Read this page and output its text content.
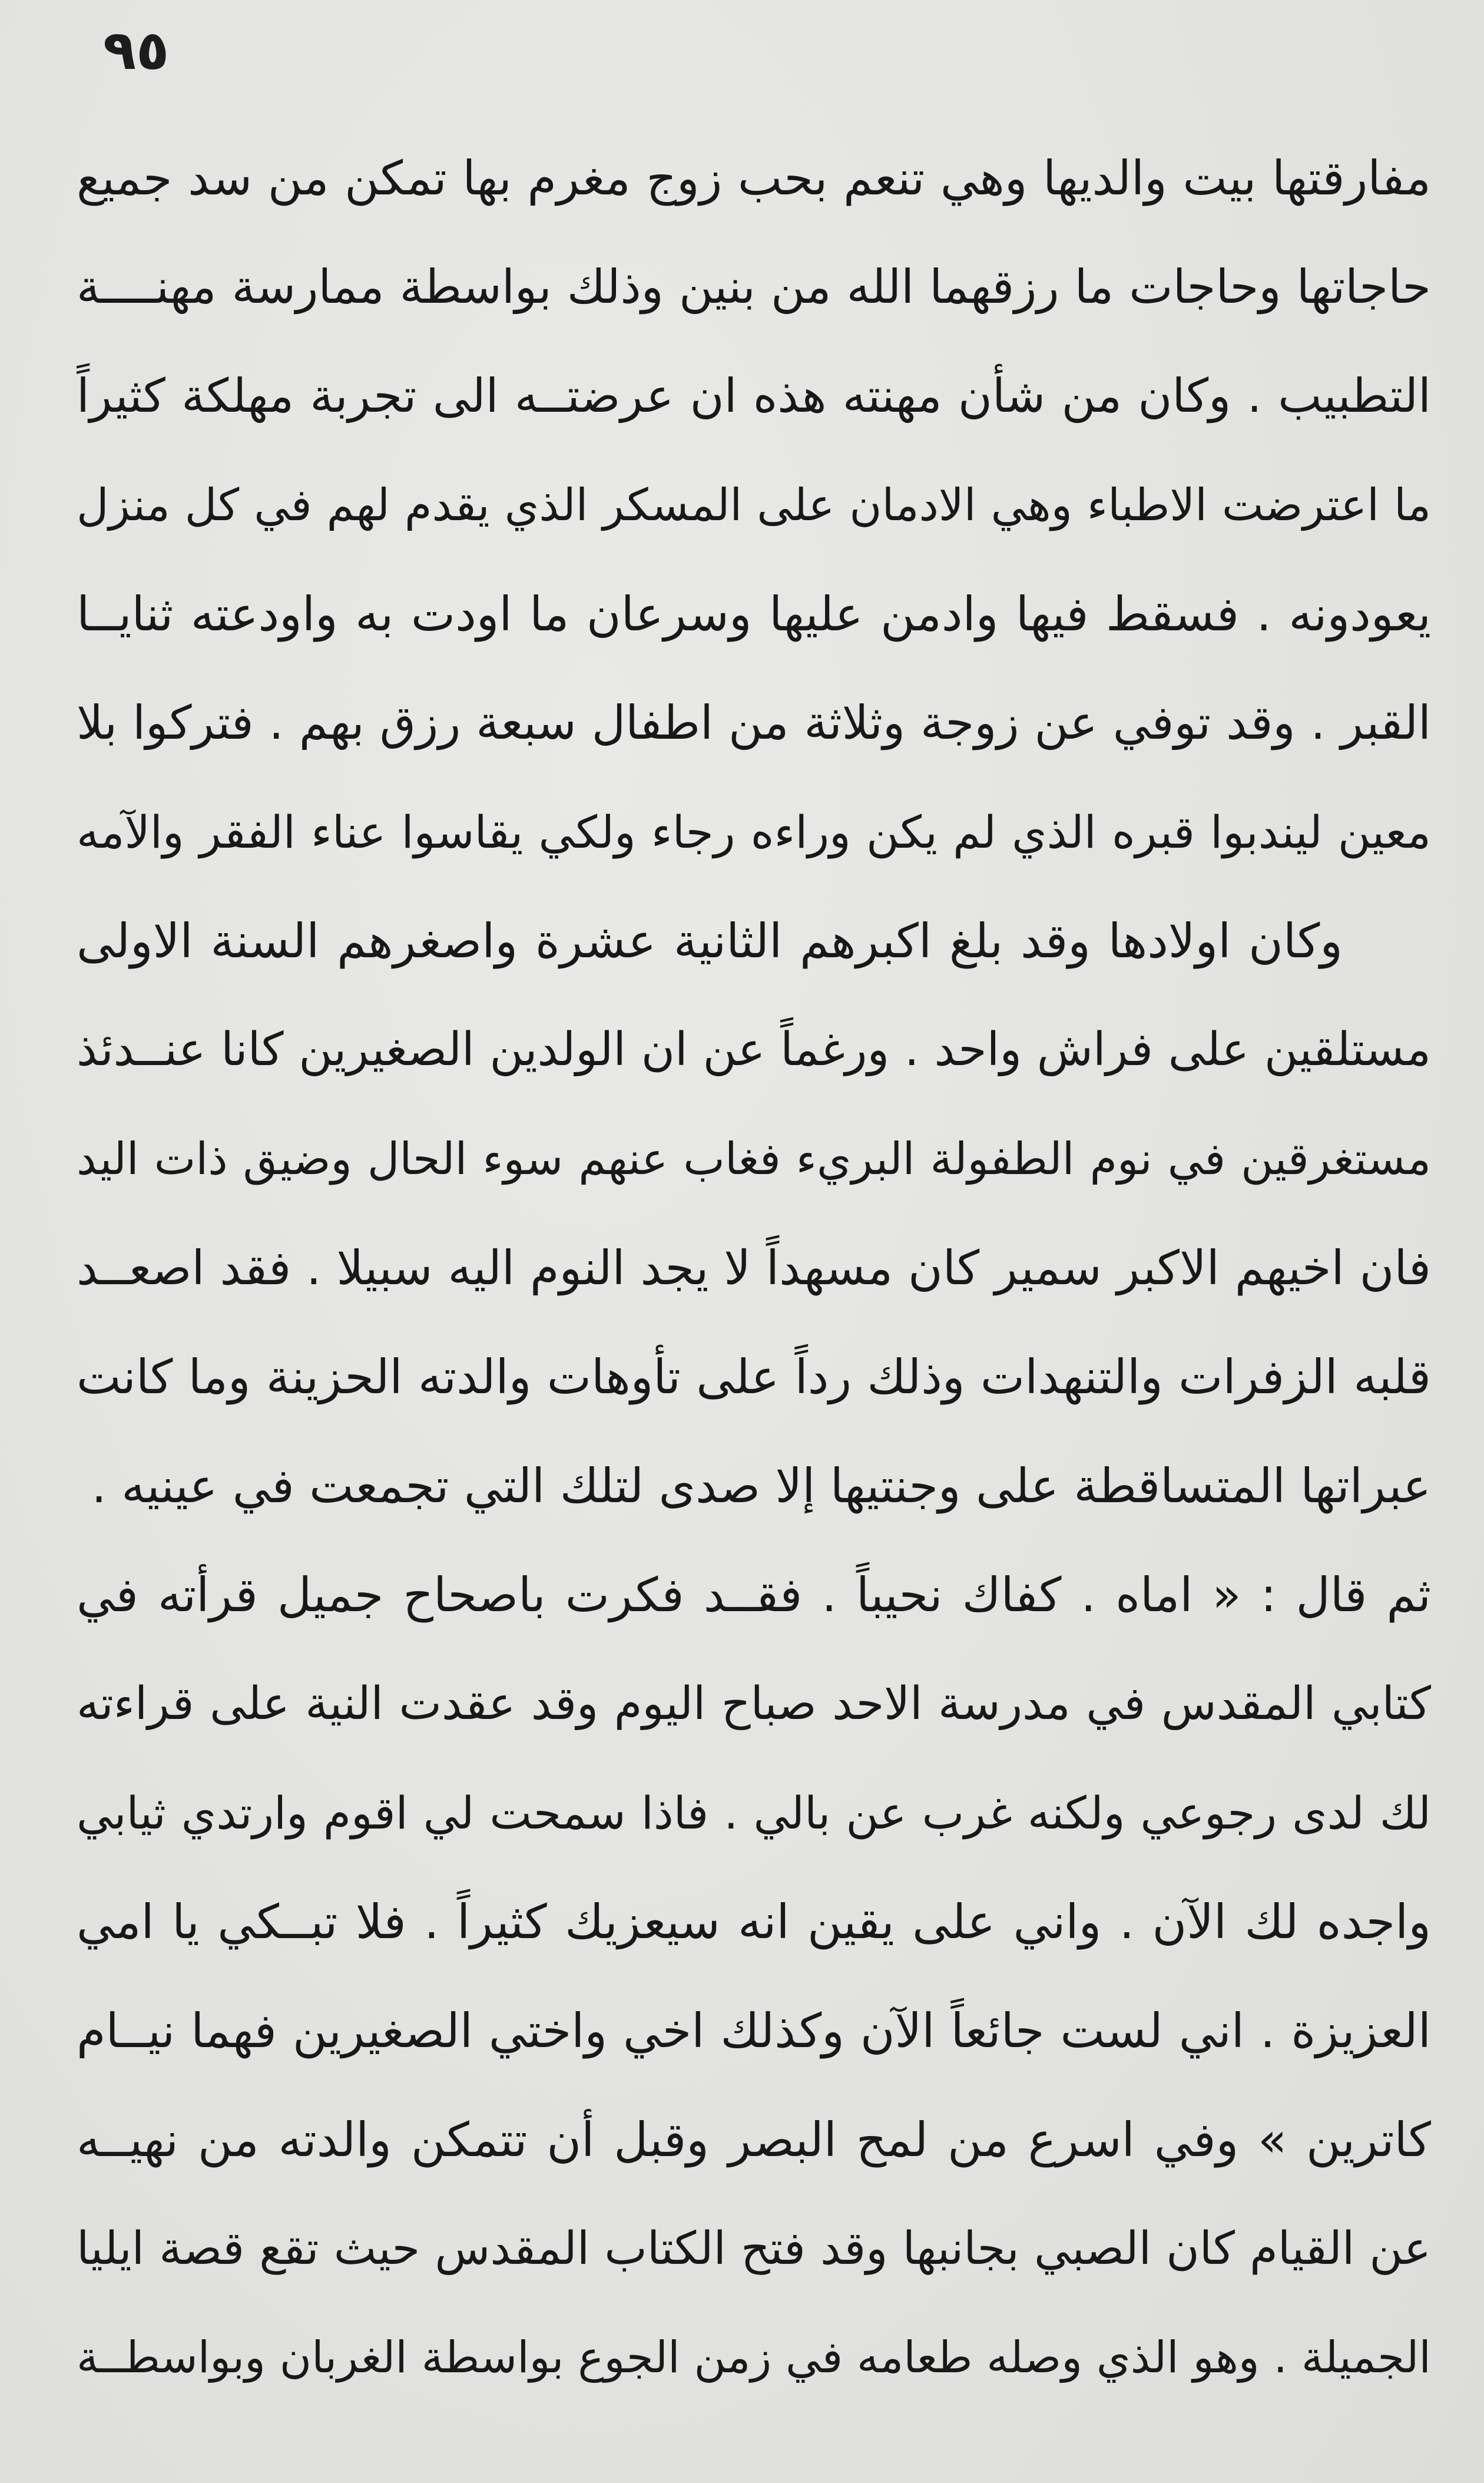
٩٥
مفارقتها بيت والديها وهي تنعم بحب زوج مغرم بها تمكن من سد جميع
حاجاتها وحاجات ما رزقهما الله من بنين وذلك بواسطة ممارسة مهنــــة
التطبيب . وكان من شأن مهنته هذه ان عرضتــه الى تجربة مهلكة كثيراً
ما اعترضت الاطباء وهي الادمان على المسكر الذي يقدم لهم في كل منزل
يعودونه . فسقط فيها وادمن عليها وسرعان ما اودت به واودعته ثنايــا
القبر . وقد توفي عن زوجة وثلاثة من اطفال سبعة رزق بهم . فتركوا بلا
معين ليندبوا قبره الذي لم يكن وراءه رجاء ولكي يقاسوا عناء الفقر والآمه
وكان اولادها وقد بلغ اكبرهم الثانية عشرة واصغرهم السنة الاولى
مستلقين على فراش واحد . ورغماً عن ان الولدين الصغيرين كانا عنــدئذ
مستغرقين في نوم الطفولة البريء فغاب عنهم سوء الحال وضيق ذات اليد
فان اخيهم الاكبر سمير كان مسهداً لا يجد النوم اليه سبيلا . فقد اصعــد
قلبه الزفرات والتنهدات وذلك رداً على تأوهات والدته الحزينة وما كانت
عبراتها المتساقطة على وجنتيها إلا صدى لتلك التي تجمعت في عينيه .
ثم قال : « اماه . كفاك نحيباً . فقــد فكرت باصحاح جميل قرأته في
كتابي المقدس في مدرسة الاحد صباح اليوم وقد عقدت النية على قراءته
لك لدى رجوعي ولكنه غرب عن بالي . فاذا سمحت لي اقوم وارتدي ثيابي
واجده لك الآن . واني على يقين انه سيعزيك كثيراً . فلا تبــكي يا امي
العزيزة . اني لست جائعاً الآن وكذلك اخي واختي الصغيرين فهما نيــام
كاترين » وفي اسرع من لمح البصر وقبل أن تتمكن والدته من نهيــه
عن القيام كان الصبي بجانبها وقد فتح الكتاب المقدس حيث تقع قصة ايليا
الجميلة . وهو الذي وصله طعامه في زمن الجوع بواسطة الغربان وبواسطــة
